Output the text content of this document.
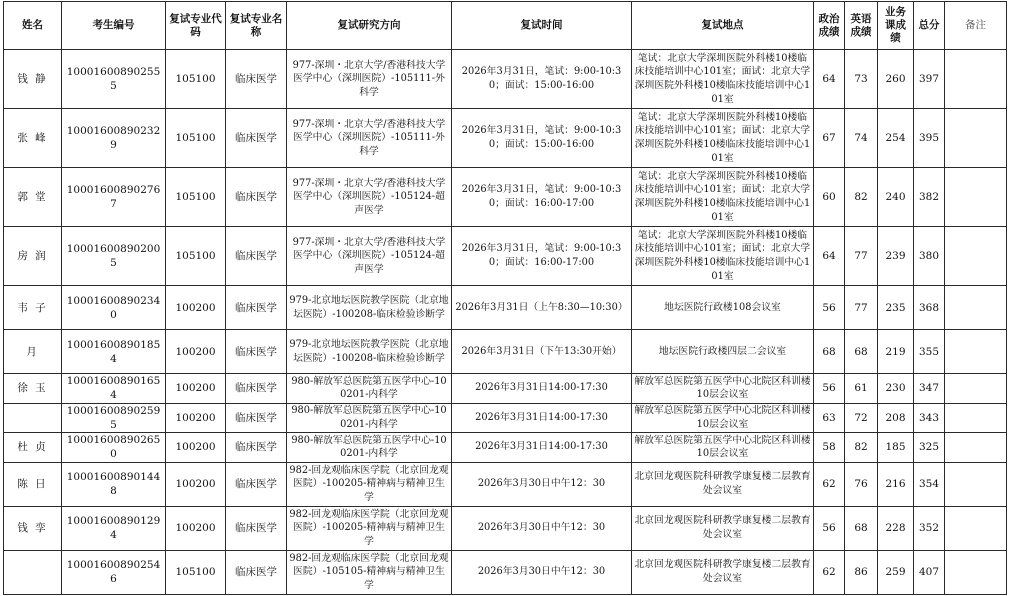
姓名	考生编号	复试专业代码	复试专业名称	复试研究方向	复试时间	复试地点	政治成绩	英语成绩	业务课成绩	总分	备注
钱 静	100016008902555	105100	临床医学	977-深圳・北京大学/香港科技大学医学中心（深圳医院）-105111-外科学	2026年3月31日，笔试：9:00-10:30；面试：15:00-16:00	笔试：北京大学深圳医院外科楼10楼临床技能培训中心101室；面试：北京大学深圳医院外科楼10楼临床技能培训中心101室	64	73	260	397	
张 峰	100016008902329	105100	临床医学	977-深圳・北京大学/香港科技大学医学中心（深圳医院）-105111-外科学	2026年3月31日，笔试：9:00-10:30；面试：15:00-16:00	笔试：北京大学深圳医院外科楼10楼临床技能培训中心101室；面试：北京大学深圳医院外科楼10楼临床技能培训中心101室	67	74	254	395	
郭 堂	100016008902767	105100	临床医学	977-深圳・北京大学/香港科技大学医学中心（深圳医院）-105124-超声医学	2026年3月31日，笔试：9:00-10:30；面试：16:00-17:00	笔试：北京大学深圳医院外科楼10楼临床技能培训中心101室；面试：北京大学深圳医院外科楼10楼临床技能培训中心101室	60	82	240	382	
房 润	100016008902005	105100	临床医学	977-深圳・北京大学/香港科技大学医学中心（深圳医院）-105124-超声医学	2026年3月31日，笔试：9:00-10:30；面试：16:00-17:00	笔试：北京大学深圳医院外科楼10楼临床技能培训中心101室；面试：北京大学深圳医院外科楼10楼临床技能培训中心101室	64	77	239	380	
韦 子	100016008902340	100200	临床医学	979-北京地坛医院教学医院（北京地坛医院）-100208-临床检验诊断学	2026年3月31日（上午8:30—10:30）	地坛医院行政楼108会议室	56	77	235	368	
月	100016008901854	100200	临床医学	979-北京地坛医院教学医院（北京地坛医院）-100208-临床检验诊断学	2026年3月31日（下午13:30开始）	地坛医院行政楼四层二会议室	68	68	219	355	
徐 玉	100016008901654	100200	临床医学	980-解放军总医院第五医学中心-100201-内科学	2026年3月31日14:00-17:30	解放军总医院第五医学中心北院区科训楼10层会议室	56	61	230	347	
	100016008902595	100200	临床医学	980-解放军总医院第五医学中心-100201-内科学	2026年3月31日14:00-17:30	解放军总医院第五医学中心北院区科训楼10层会议室	63	72	208	343	
杜 贞	100016008902650	100200	临床医学	980-解放军总医院第五医学中心-100201-内科学	2026年3月31日14:00-17:30	解放军总医院第五医学中心北院区科训楼10层会议室	58	82	185	325	
陈 日	100016008901448	100200	临床医学	982-回龙观临床医学院（北京回龙观医院）-100205-精神病与精神卫生学	2026年3月30日中午12：30	北京回龙观医院科研教学康复楼二层教育处会议室	62	76	216	354	
钱 孪	100016008901294	100200	临床医学	982-回龙观临床医学院（北京回龙观医院）-100205-精神病与精神卫生学	2026年3月30日中午12：30	北京回龙观医院科研教学康复楼二层教育处会议室	56	68	228	352	
	100016008902546	105100	临床医学	982-回龙观临床医学院（北京回龙观医院）-105105-精神病与精神卫生学	2026年3月30日中午12：30	北京回龙观医院科研教学康复楼二层教育处会议室	62	86	259	407	
